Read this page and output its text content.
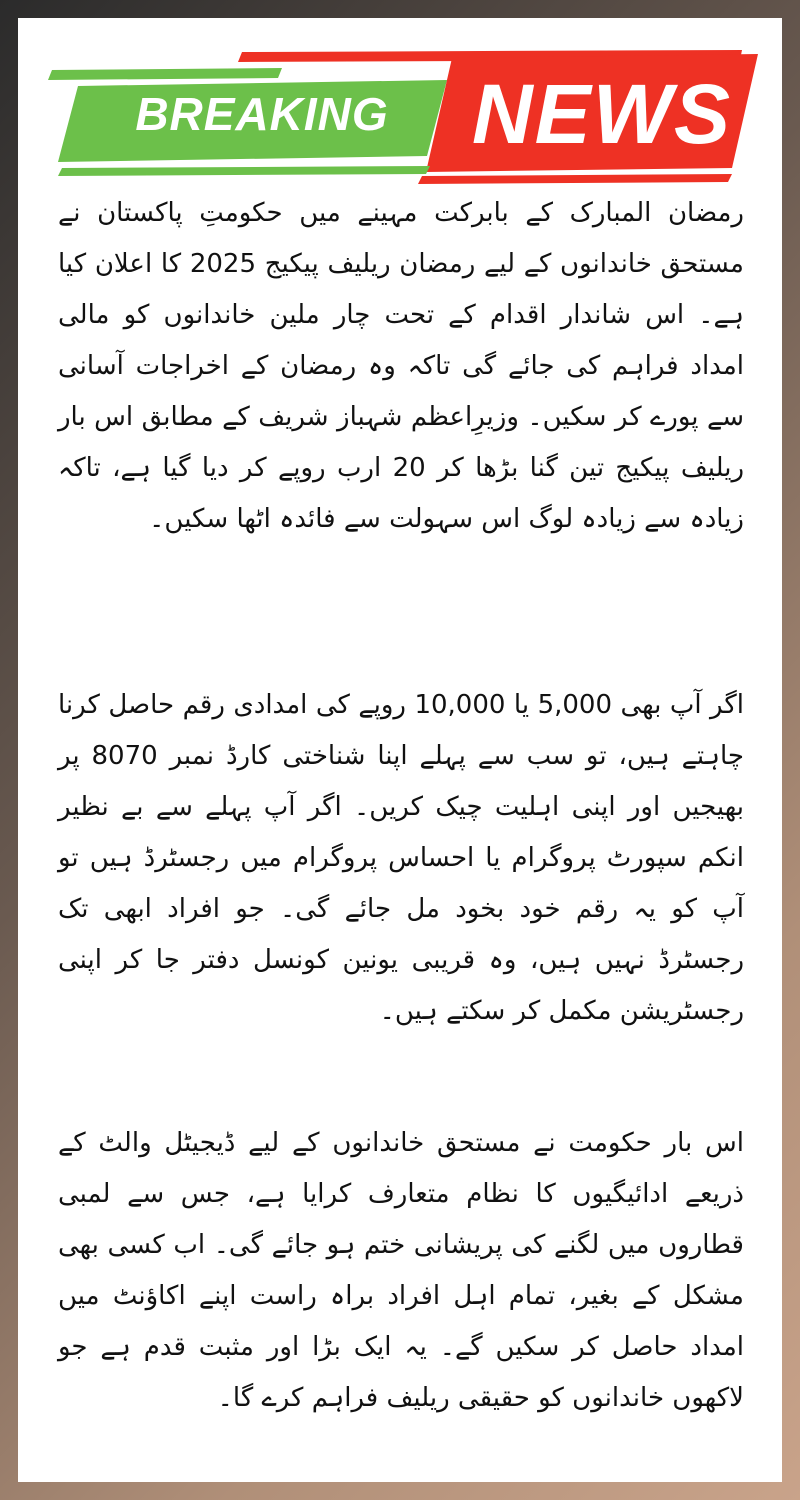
BREAKING NEWS

رمضان المبارک کے بابرکت مہینے میں حکومتِ پاکستان نے مستحق خاندانوں کے لیے رمضان ریلیف پیکیج 2025 کا اعلان کیا ہے۔ اس شاندار اقدام کے تحت چار ملین خاندانوں کو مالی امداد فراہم کی جائے گی تاکہ وہ رمضان کے اخراجات آسانی سے پورے کر سکیں۔ وزیرِاعظم شہباز شریف کے مطابق اس بار ریلیف پیکیج تین گنا بڑھا کر 20 ارب روپے کر دیا گیا ہے، تاکہ زیادہ سے زیادہ لوگ اس سہولت سے فائدہ اٹھا سکیں۔

اگر آپ بھی 5,000 یا 10,000 روپے کی امدادی رقم حاصل کرنا چاہتے ہیں، تو سب سے پہلے اپنا شناختی کارڈ نمبر 8070 پر بھیجیں اور اپنی اہلیت چیک کریں۔ اگر آپ پہلے سے بے نظیر انکم سپورٹ پروگرام یا احساس پروگرام میں رجسٹرڈ ہیں تو آپ کو یہ رقم خود بخود مل جائے گی۔ جو افراد ابھی تک رجسٹرڈ نہیں ہیں، وہ قریبی یونین کونسل دفتر جا کر اپنی رجسٹریشن مکمل کر سکتے ہیں۔

اس بار حکومت نے مستحق خاندانوں کے لیے ڈیجیٹل والٹ کے ذریعے ادائیگیوں کا نظام متعارف کرایا ہے، جس سے لمبی قطاروں میں لگنے کی پریشانی ختم ہو جائے گی۔ اب کسی بھی مشکل کے بغیر، تمام اہل افراد براہ راست اپنے اکاؤنٹ میں امداد حاصل کر سکیں گے۔ یہ ایک بڑا اور مثبت قدم ہے جو لاکھوں خاندانوں کو حقیقی ریلیف فراہم کرے گا۔
